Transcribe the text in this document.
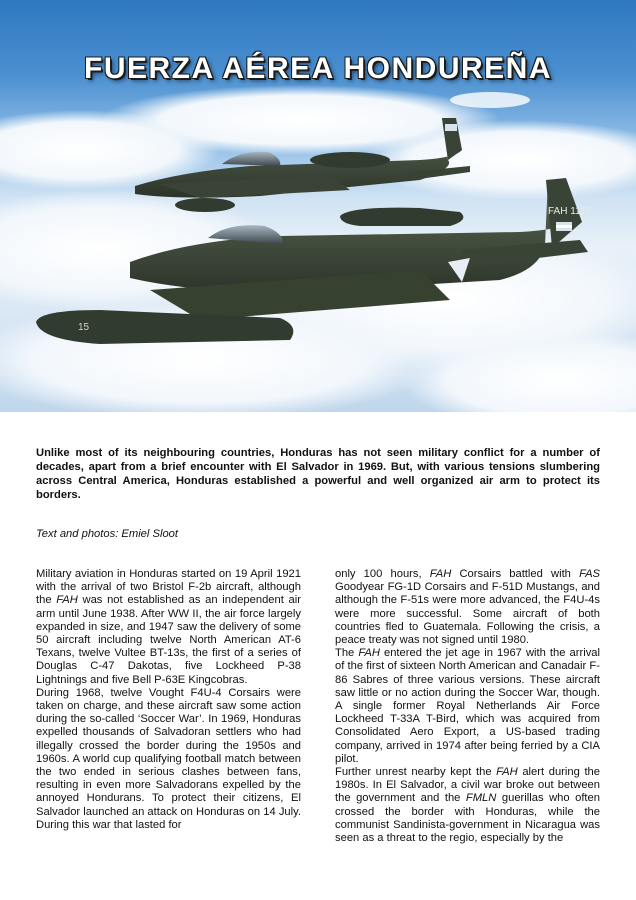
FAH 1115
15
FUERZA AÉREA HONDUREÑA
Unlike most of its neighbouring countries, Honduras has not seen military conflict for a number of decades, apart from a brief encounter with El Salvador in 1969. But, with various tensions slumbering across Central America, Honduras established a powerful and well organized air arm to protect its borders.
Text and photos: Emiel Sloot

Military aviation in Honduras started on 19 April 1921 with the arrival of two Bristol F-2b aircraft, although the FAH was not established as an independent air arm until June 1938. After WW II, the air force largely expanded in size, and 1947 saw the delivery of some 50 aircraft including twelve North American AT-6 Texans, twelve Vultee BT-13s, the first of a series of Douglas C-47 Dakotas, five Lockheed P-38 Lightnings and five Bell P-63E Kingcobras.

During 1968, twelve Vought F4U-4 Corsairs were taken on charge, and these aircraft saw some action during the so-called ‘Soccer War’. In 1969, Honduras expelled thousands of Salvadoran settlers who had illegally crossed the border during the 1950s and 1960s. A world cup qualifying football match between the two ended in serious clashes between fans, resulting in even more Salvadorans expelled by the annoyed Hondurans. To protect their citizens, El Salvador launched an attack on Honduras on 14 July. During this war that lasted for

only 100 hours, FAH Corsairs battled with FAS Goodyear FG-1D Corsairs and F-51D Mustangs, and although the F-51s were more advanced, the F4U-4s were more successful. Some aircraft of both countries fled to Guatemala. Following the crisis, a peace treaty was not signed until 1980.

The FAH entered the jet age in 1967 with the arrival of the first of sixteen North American and Canadair F-86 Sabres of three various versions. These aircraft saw little or no action during the Soccer War, though. A single former Royal Netherlands Air Force Lockheed T-33A T-Bird, which was acquired from Consolidated Aero Export, a US-based trading company, arrived in 1974 after being ferried by a CIA pilot.

Further unrest nearby kept the FAH alert during the 1980s. In El Salvador, a civil war broke out between the government and the FMLN guerillas who often crossed the border with Honduras, while the communist Sandinista-government in Nicaragua was seen as a threat to the regio, especially by the
